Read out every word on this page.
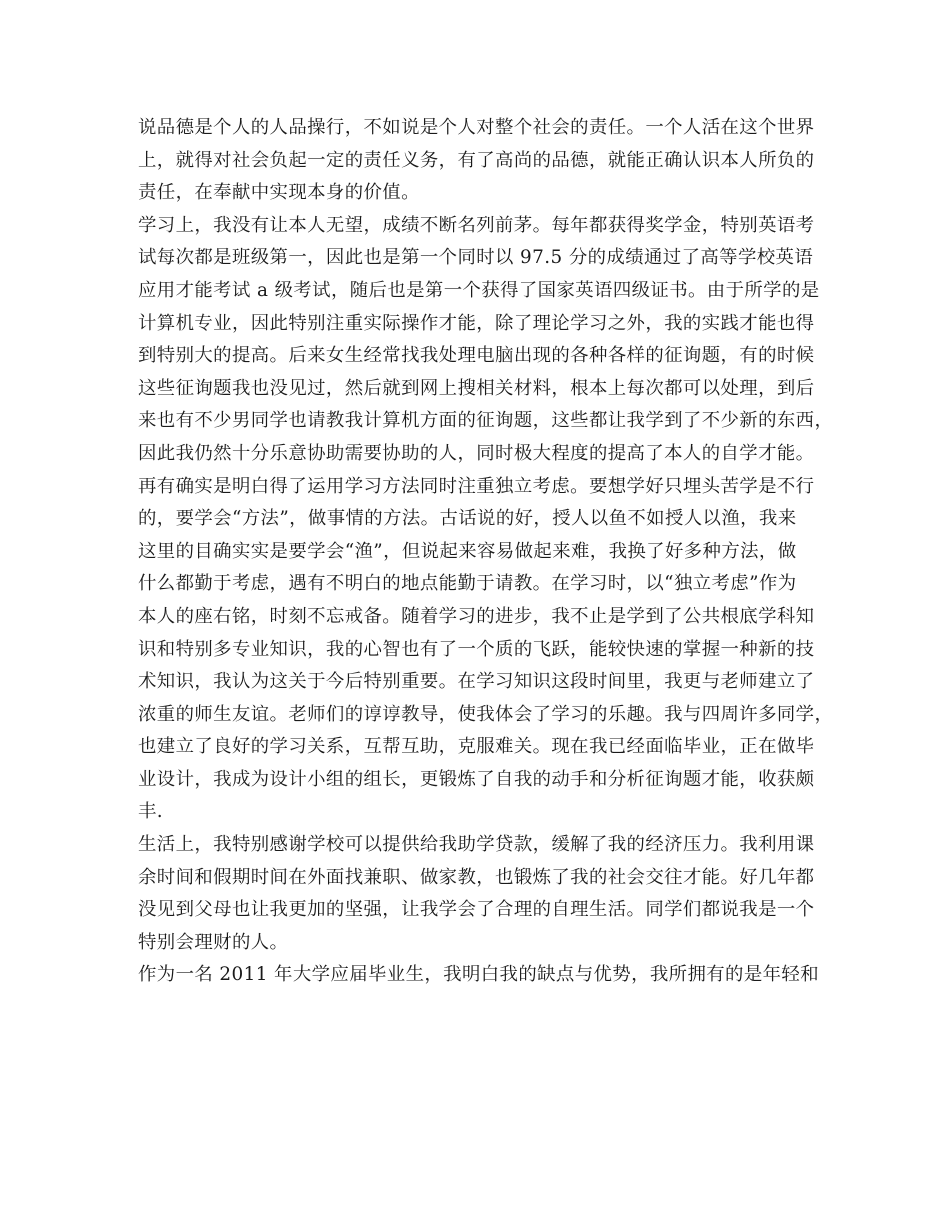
说品德是个人的人品操行，不如说是个人对整个社会的责任。一个人活在这个世界
上，就得对社会负起一定的责任义务，有了高尚的品德，就能正确认识本人所负的
责任，在奉献中实现本身的价值。
学习上，我没有让本人无望，成绩不断名列前茅。每年都获得奖学金，特别英语考
试每次都是班级第一，因此也是第一个同时以 97.5 分的成绩通过了高等学校英语
应用才能考试 a 级考试，随后也是第一个获得了国家英语四级证书。由于所学的是
计算机专业，因此特别注重实际操作才能，除了理论学习之外，我的实践才能也得
到特别大的提高。后来女生经常找我处理电脑出现的各种各样的征询题，有的时候
这些征询题我也没见过，然后就到网上搜相关材料，根本上每次都可以处理，到后
来也有不少男同学也请教我计算机方面的征询题，这些都让我学到了不少新的东西，
因此我仍然十分乐意协助需要协助的人，同时极大程度的提高了本人的自学才能。
再有确实是明白得了运用学习方法同时注重独立考虑。要想学好只埋头苦学是不行
的，要学会“方法”，做事情的方法。古话说的好，授人以鱼不如授人以渔，我来
这里的目确实实是要学会“渔”，但说起来容易做起来难，我换了好多种方法，做
什么都勤于考虑，遇有不明白的地点能勤于请教。在学习时，以“独立考虑”作为
本人的座右铭，时刻不忘戒备。随着学习的进步，我不止是学到了公共根底学科知
识和特别多专业知识，我的心智也有了一个质的飞跃，能较快速的掌握一种新的技
术知识，我认为这关于今后特别重要。在学习知识这段时间里，我更与老师建立了
浓重的师生友谊。老师们的谆谆教导，使我体会了学习的乐趣。我与四周许多同学，
也建立了良好的学习关系，互帮互助，克服难关。现在我已经面临毕业，正在做毕
业设计，我成为设计小组的组长，更锻炼了自我的动手和分析征询题才能，收获颇
丰.
生活上，我特别感谢学校可以提供给我助学贷款，缓解了我的经济压力。我利用课
余时间和假期时间在外面找兼职、做家教，也锻炼了我的社会交往才能。好几年都
没见到父母也让我更加的坚强，让我学会了合理的自理生活。同学们都说我是一个
特别会理财的人。
作为一名 2011 年大学应届毕业生，我明白我的缺点与优势，我所拥有的是年轻和
